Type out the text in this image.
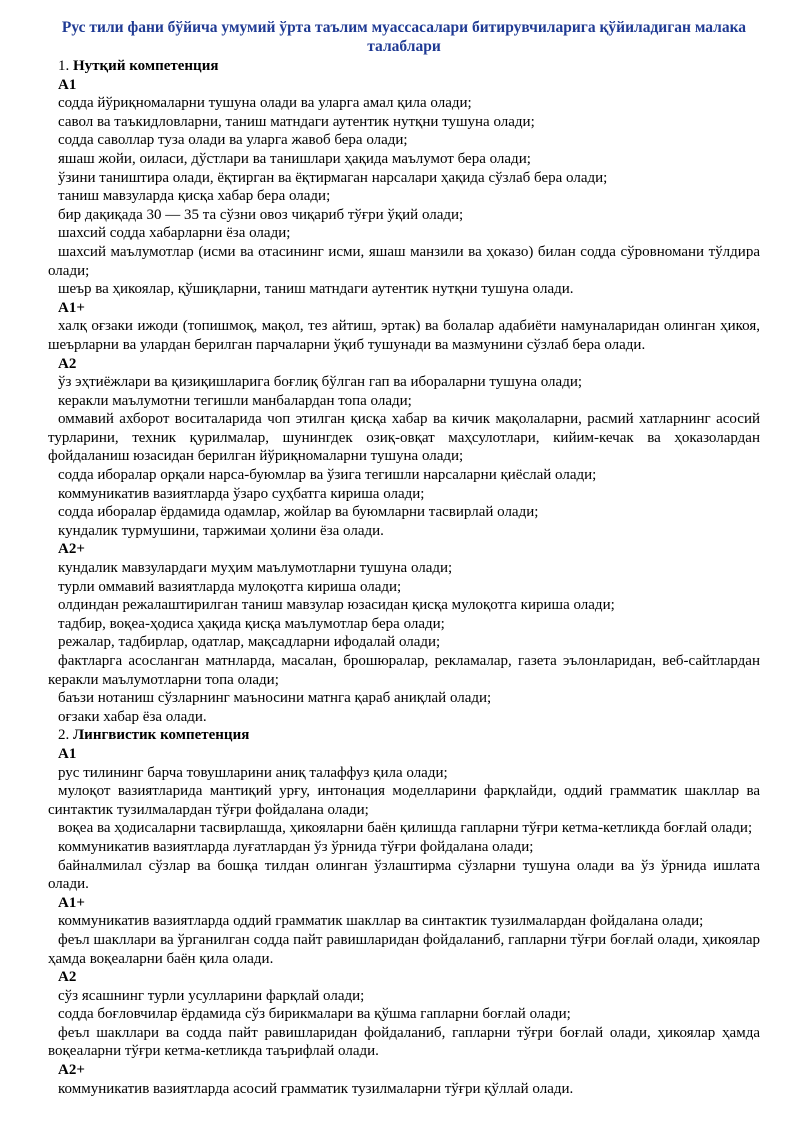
Рус тили фани бўйича умумий ўрта таълим муассасалари битирувчиларига қўйиладиган малака талаблари
1. Нутқий компетенция
A1
содда йўриқномаларни тушуна олади ва уларга амал қила олади;
савол ва таъкидловларни, таниш матндаги аутентик нутқни тушуна олади;
содда саволлар туза олади ва уларга жавоб бера олади;
яшаш жойи, оиласи, дўстлари ва танишлари ҳақида маълумот бера олади;
ўзини таништира олади, ёқтирган ва ёқтирмаган нарсалари ҳақида сўзлаб бера олади;
таниш мавзуларда қисқа хабар бера олади;
бир дақиқада 30 — 35 та сўзни овоз чиқариб тўғри ўқий олади;
шахсий содда хабарларни ёза олади;
шахсий маълумотлар (исми ва отасининг исми, яшаш манзили ва ҳоказо) билан содда сўровномани тўлдира олади;
шеър ва ҳикоялар, қўшиқларни, таниш матндаги аутентик нутқни тушуна олади.
A1+
халқ оғзаки ижоди (топишмоқ, мақол, тез айтиш, эртак) ва болалар адабиёти намуналаридан олинган ҳикоя, шеърларни ва улардан берилган парчаларни ўқиб тушунади ва мазмунини сўзлаб бера олади.
A2
ўз эҳтиёжлари ва қизиқишларига боғлиқ бўлган гап ва ибораларни тушуна олади;
керакли маълумотни тегишли манбалардан топа олади;
оммавий ахборот воситаларида чоп этилган қисқа хабар ва кичик мақолаларни, расмий хатларнинг асосий турларини, техник қурилмалар, шунингдек озиқ-овқат маҳсулотлари, кийим-кечак ва ҳоказолардан фойдаланиш юзасидан берилган йўриқномаларни тушуна олади;
содда иборалар орқали нарса-буюмлар ва ўзига тегишли нарсаларни қиёслай олади;
коммуникатив вазиятларда ўзаро суҳбатга кириша олади;
содда иборалар ёрдамида одамлар, жойлар ва буюмларни тасвирлай олади;
кундалик турмушини, таржимаи ҳолини ёза олади.
A2+
кундалик мавзулардаги муҳим маълумотларни тушуна олади;
турли оммавий вазиятларда мулоқотга кириша олади;
олдиндан режалаштирилган таниш мавзулар юзасидан қисқа мулоқотга кириша олади;
тадбир, воқеа-ҳодиса ҳақида қисқа маълумотлар бера олади;
режалар, тадбирлар, одатлар, мақсадларни ифодалай олади;
фактларга асосланган матнларда, масалан, брошюралар, рекламалар, газета эълонларидан, веб-сайтлардан керакли маълумотларни топа олади;
баъзи нотаниш сўзларнинг маъносини матнга қараб аниқлай олади;
оғзаки хабар ёза олади.
2. Лингвистик компетенция
A1
рус тилининг барча товушларини аниқ талаффуз қила олади;
мулоқот вазиятларида мантиқий урғу, интонация моделларини фарқлайди, оддий грамматик шакллар ва синтактик тузилмалардан тўғри фойдалана олади;
воқеа ва ҳодисаларни тасвирлашда, ҳикояларни баён қилишда гапларни тўғри кетма-кетликда боғлай олади;
коммуникатив вазиятларда луғатлардан ўз ўрнида тўғри фойдалана олади;
байналмилал сўзлар ва бошқа тилдан олинган ўзлаштирма сўзларни тушуна олади ва ўз ўрнида ишлата олади.
A1+
коммуникатив вазиятларда оддий грамматик шакллар ва синтактик тузилмалардан фойдалана олади;
феъл шакллари ва ўрганилган содда пайт равишларидан фойдаланиб, гапларни тўғри боғлай олади, ҳикоялар ҳамда воқеаларни баён қила олади.
A2
сўз ясашнинг турли усулларини фарқлай олади;
содда боғловчилар ёрдамида сўз бирикмалари ва қўшма гапларни боғлай олади;
феъл шакллари ва содда пайт равишларидан фойдаланиб, гапларни тўғри боғлай олади, ҳикоялар ҳамда воқеаларни тўғри кетма-кетликда таърифлай олади.
A2+
коммуникатив вазиятларда асосий грамматик тузилмаларни тўғри қўллай олади.
